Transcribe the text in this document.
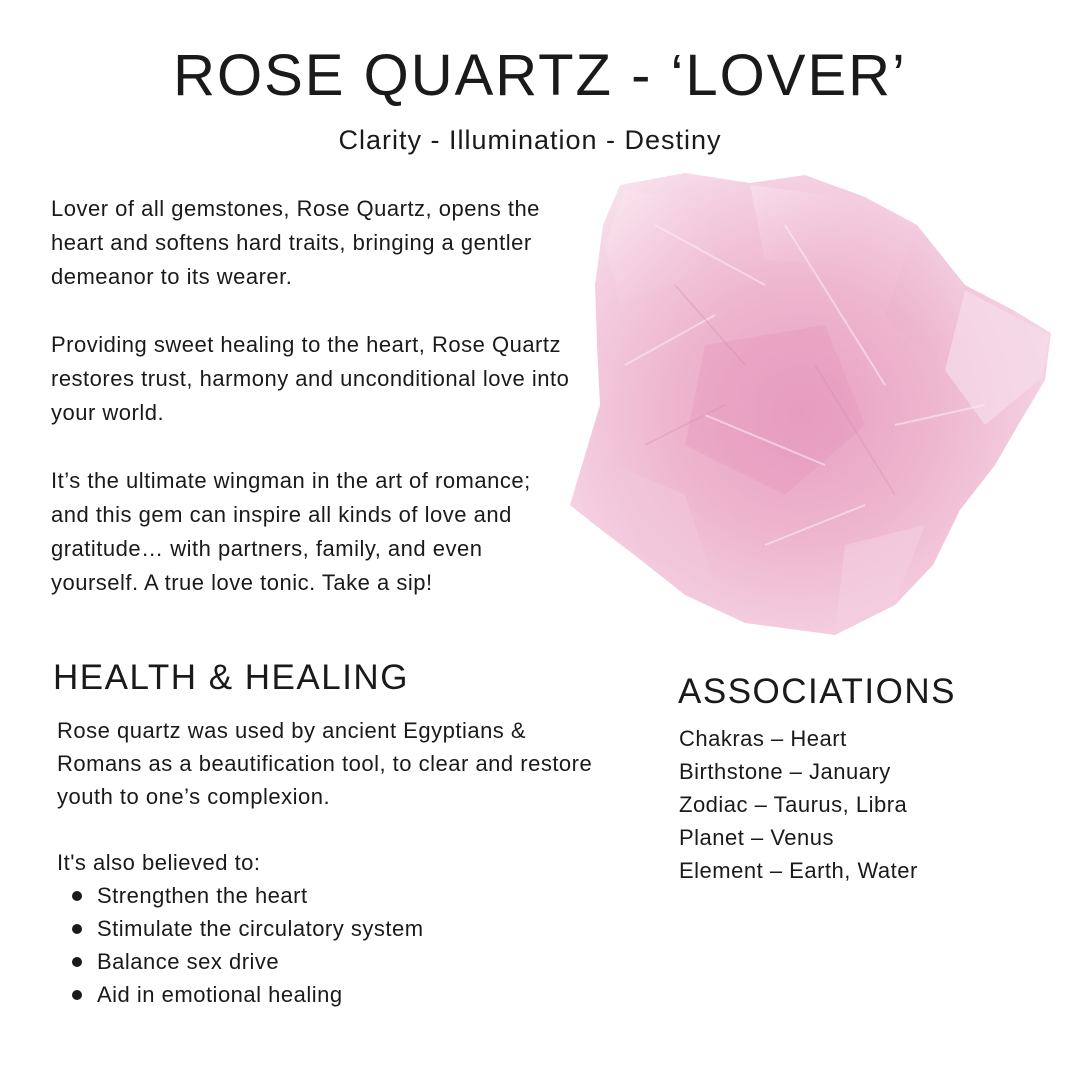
ROSE QUARTZ - ‘LOVER’
Clarity - Illumination - Destiny

Lover of all gemstones, Rose Quartz, opens the heart and softens hard traits, bringing a gentler demeanor to its wearer.

Providing sweet healing to the heart, Rose Quartz restores trust, harmony and unconditional love into your world.

It’s the ultimate wingman in the art of romance; and this gem can inspire all kinds of love and gratitude… with partners, family, and even yourself. A true love tonic. Take a sip!

HEALTH & HEALING

Rose quartz was used by ancient Egyptians & Romans as a beautification tool, to clear and restore youth to one’s complexion.

It's also believed to:

Strengthen the heart
Stimulate the circulatory system
Balance sex drive
Aid in emotional healing
ASSOCIATIONS
Chakras – Heart
Birthstone – January
Zodiac – Taurus, Libra
Planet – Venus
Element – Earth, Water
